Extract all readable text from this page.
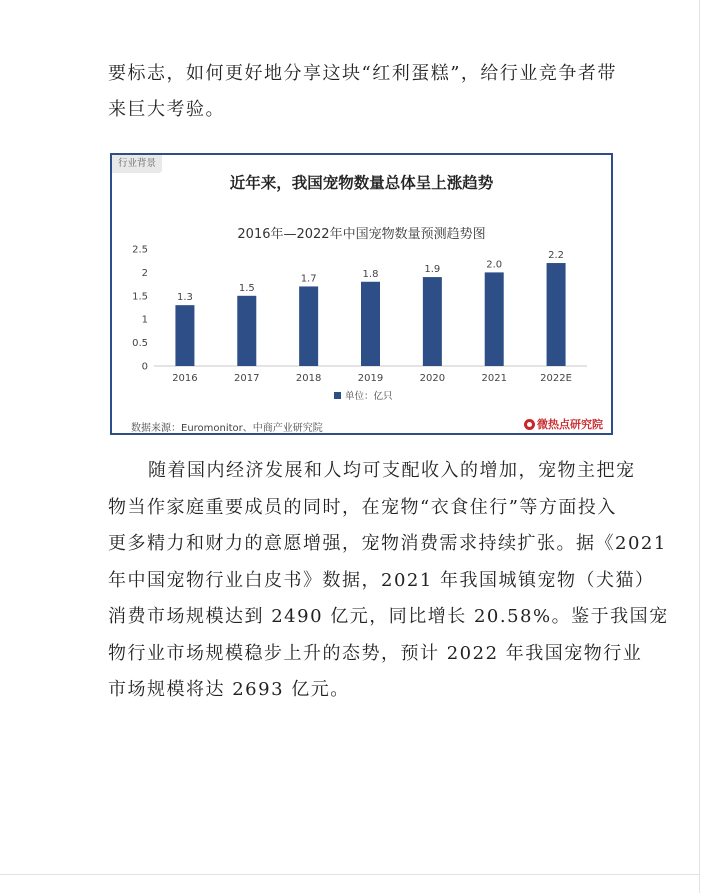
要标志，如何更好地分享这块“红利蛋糕”，给行业竞争者带
来巨大考验。
行业背景
近年来，我国宠物数量总体呈上涨趋势
2016年—2022年中国宠物数量预测趋势图
0
0.5
1
1.5
2
2.5
1.3
2016
1.5
2017
1.7
2018
1.8
2019
1.9
2020
2.0
2021
2.2
2022E
单位：亿只
数据来源：Euromonitor、中商产业研究院	微热点研究院
随着国内经济发展和人均可支配收入的增加，宠物主把宠
物当作家庭重要成员的同时，在宠物“衣食住行”等方面投入
更多精力和财力的意愿增强，宠物消费需求持续扩张。据《2021
年中国宠物行业白皮书》数据，2021 年我国城镇宠物（犬猫）
消费市场规模达到 2490 亿元，同比增长 20.58%。鉴于我国宠
物行业市场规模稳步上升的态势，预计 2022 年我国宠物行业
市场规模将达 2693 亿元。
